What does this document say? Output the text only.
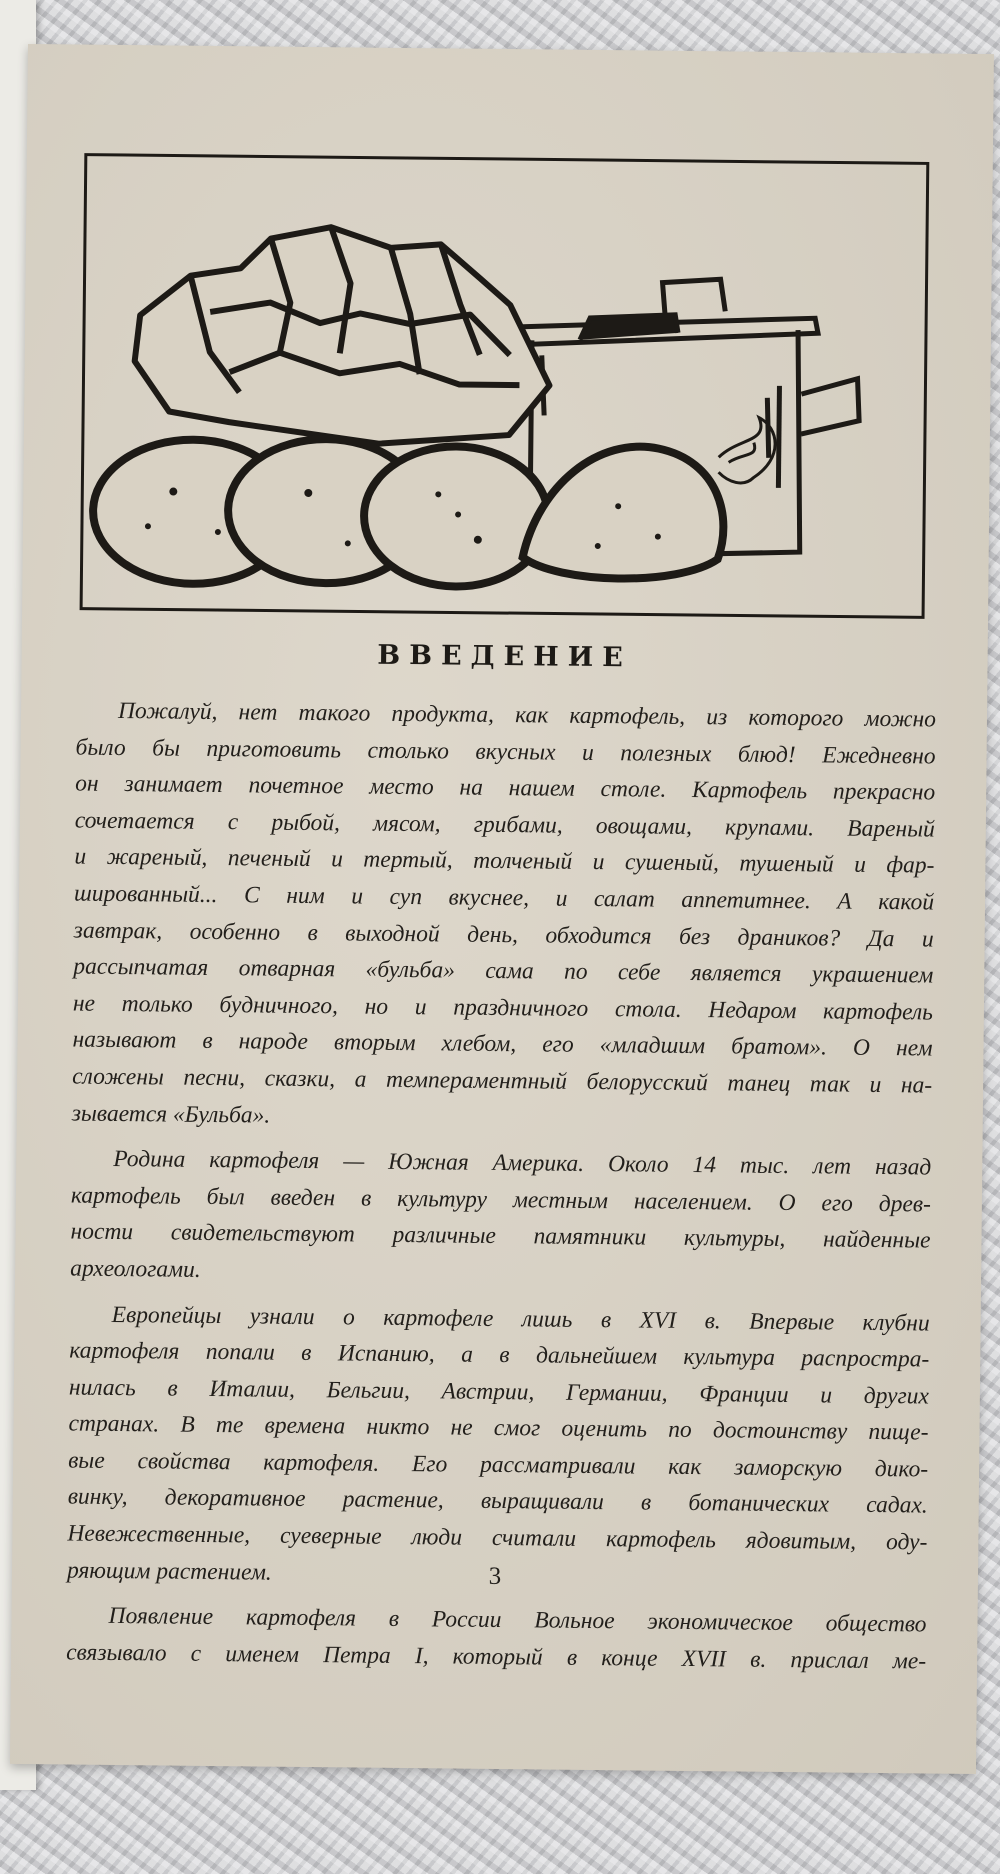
ВВЕДЕНИЕ
Пожалуй, нет такого продукта, как картофель, из которого можно
было бы приготовить столько вкусных и полезных блюд! Ежедневно
он занимает почетное место на нашем столе. Картофель прекрасно
сочетается с рыбой, мясом, грибами, овощами, крупами. Вареный
и жареный, печеный и тертый, толченый и сушеный, тушеный и фар-
шированный... С ним и суп вкуснее, и салат аппетитнее. А какой
завтрак, особенно в выходной день, обходится без драников? Да и
рассыпчатая отварная «бульба» сама по себе является украшением
не только будничного, но и праздничного стола. Недаром картофель
называют в народе вторым хлебом, его «младшим братом». О нем
сложены песни, сказки, а темпераментный белорусский танец так и на-
зывается «Бульба».
Родина картофеля — Южная Америка. Около 14 тыс. лет назад
картофель был введен в культуру местным населением. О его древ-
ности свидетельствуют различные памятники культуры, найденные
археологами.
Европейцы узнали о картофеле лишь в XVI в. Впервые клубни
картофеля попали в Испанию, а в дальнейшем культура распростра-
нилась в Италии, Бельгии, Австрии, Германии, Франции и других
странах. В те времена никто не смог оценить по достоинству пище-
вые свойства картофеля. Его рассматривали как заморскую дико-
винку, декоративное растение, выращивали в ботанических садах.
Невежественные, суеверные люди считали картофель ядовитым, оду-
ряющим растением.
Появление картофеля в России Вольное экономическое общество
связывало с именем Петра I, который в конце XVII в. прислал ме-
3
